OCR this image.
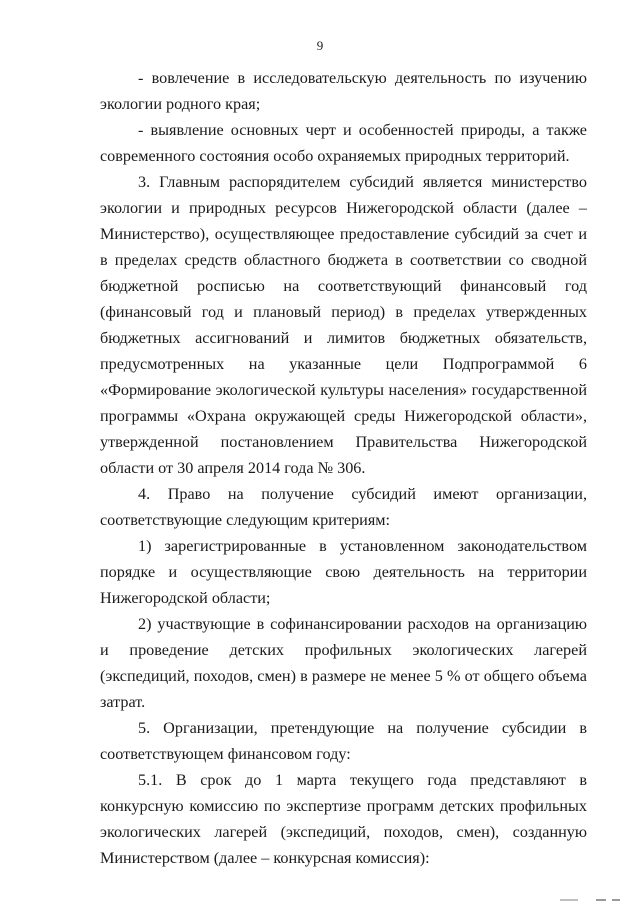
9

- вовлечение в исследовательскую деятельность по изучению экологии родного края;

- выявление основных черт и особенностей природы, а также современного состояния особо охраняемых природных территорий.

3. Главным распорядителем субсидий является министерство экологии и природных ресурсов Нижегородской области (далее – Министерство), осуществляющее предоставление субсидий за счет и в пределах средств областного бюджета в соответствии со сводной бюджетной росписью на соответствующий финансовый год (финансовый год и плановый период) в пределах утвержденных бюджетных ассигнований и лимитов бюджетных обязательств, предусмотренных на указанные цели Подпрограммой 6 «Формирование экологической культуры населения» государственной программы «Охрана окружающей среды Нижегородской области», утвержденной постановлением Правительства Нижегородской области от 30 апреля 2014 года № 306.

4. Право на получение субсидий имеют организации, соответствующие следующим критериям:

1) зарегистрированные в установленном законодательством порядке и осуществляющие свою деятельность на территории Нижегородской области;

2) участвующие в софинансировании расходов на организацию и проведение детских профильных экологических лагерей (экспедиций, походов, смен) в размере не менее 5 % от общего объема затрат.

5. Организации, претендующие на получение субсидии в соответствующем финансовом году:

5.1. В срок до 1 марта текущего года представляют в конкурсную комиссию по экспертизе программ детских профильных экологических лагерей (экспедиций, походов, смен), созданную Министерством (далее – конкурсная комиссия):
